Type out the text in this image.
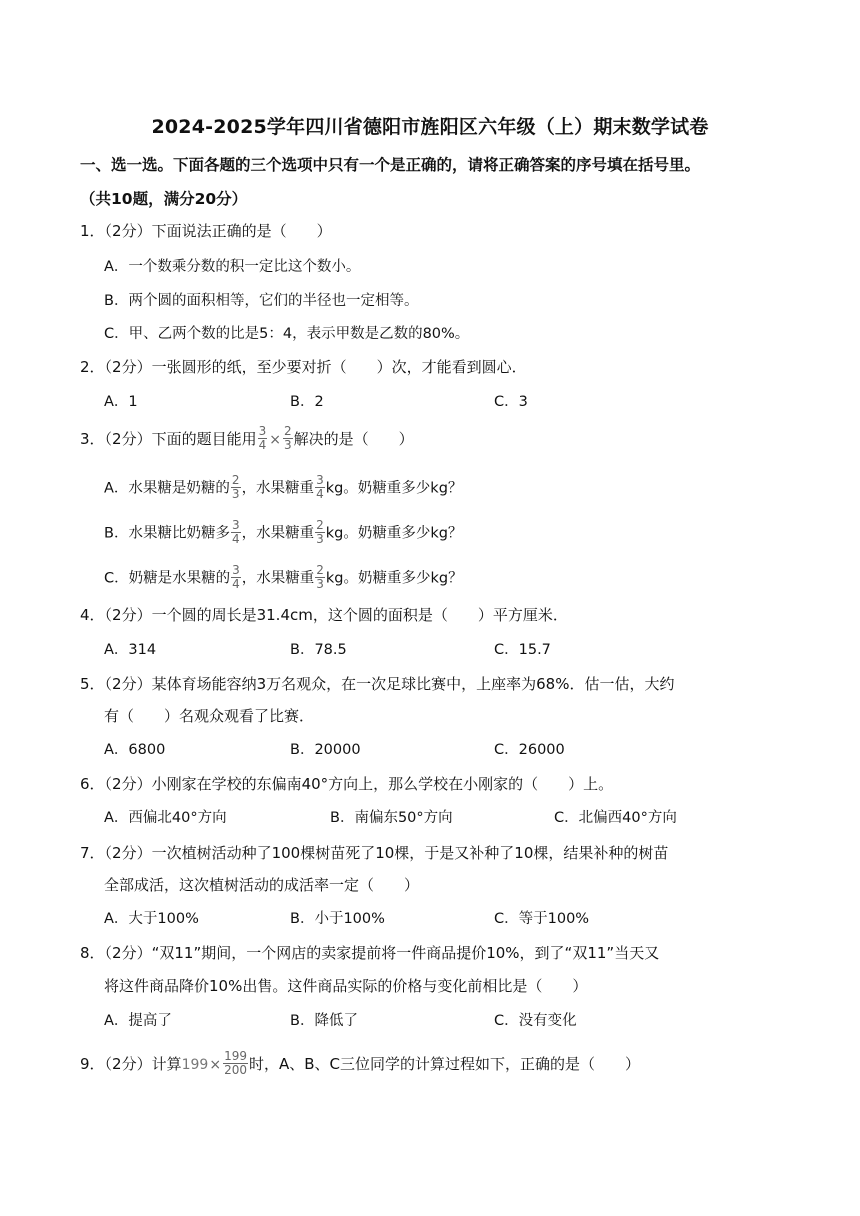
2024-2025学年四川省德阳市旌阳区六年级（上）期末数学试卷
一、选一选。下面各题的三个选项中只有一个是正确的，请将正确答案的序号填在括号里。
（共10题，满分20分）
1．（2分）下面说法正确的是（　　）
A．一个数乘分数的积一定比这个数小。
B．两个圆的面积相等，它们的半径也一定相等。
C．甲、乙两个数的比是5：4，表示甲数是乙数的80%。
2．（2分）一张圆形的纸，至少要对折（　　）次，才能看到圆心．
A．1	B．2	C．3
3．（2分）下面的题目能用 $\frac{3}{4} \times \frac{2}{3}$ 解决的是（　　）
A．水果糖是奶糖的 $\frac{2}{3}$ ，水果糖重 $\frac{3}{4}$ kg。奶糖重多少kg？
B．水果糖比奶糖多 $\frac{3}{4}$ ，水果糖重 $\frac{2}{3}$ kg。奶糖重多少kg？
C．奶糖是水果糖的 $\frac{3}{4}$ ，水果糖重 $\frac{2}{3}$ kg。奶糖重多少kg？
4．（2分）一个圆的周长是31.4cm，这个圆的面积是（　　）平方厘米．
A．314	B．78.5	C．15.7
5．（2分）某体育场能容纳3万名观众，在一次足球比赛中，上座率为68%．估一估，大约
有（　　）名观众观看了比赛．
A．6800	B．20000	C．26000
6．（2分）小刚家在学校的东偏南40°方向上，那么学校在小刚家的（　　）上。
A．西偏北40°方向	B．南偏东50°方向	C．北偏西40°方向
7．（2分）一次植树活动种了100棵树苗死了10棵，于是又补种了10棵，结果补种的树苗
全部成活，这次植树活动的成活率一定（　　）
A．大于100%	B．小于100%	C．等于100%
8．（2分）“双11”期间，一个网店的卖家提前将一件商品提价10%，到了“双11”当天又
将这件商品降价10%出售。这件商品实际的价格与变化前相比是（　　）
A．提高了	B．降低了	C．没有变化
9．（2分）计算$199\times \frac{199}{200}$ 时，A、B、C三位同学的计算过程如下，正确的是（　　）
